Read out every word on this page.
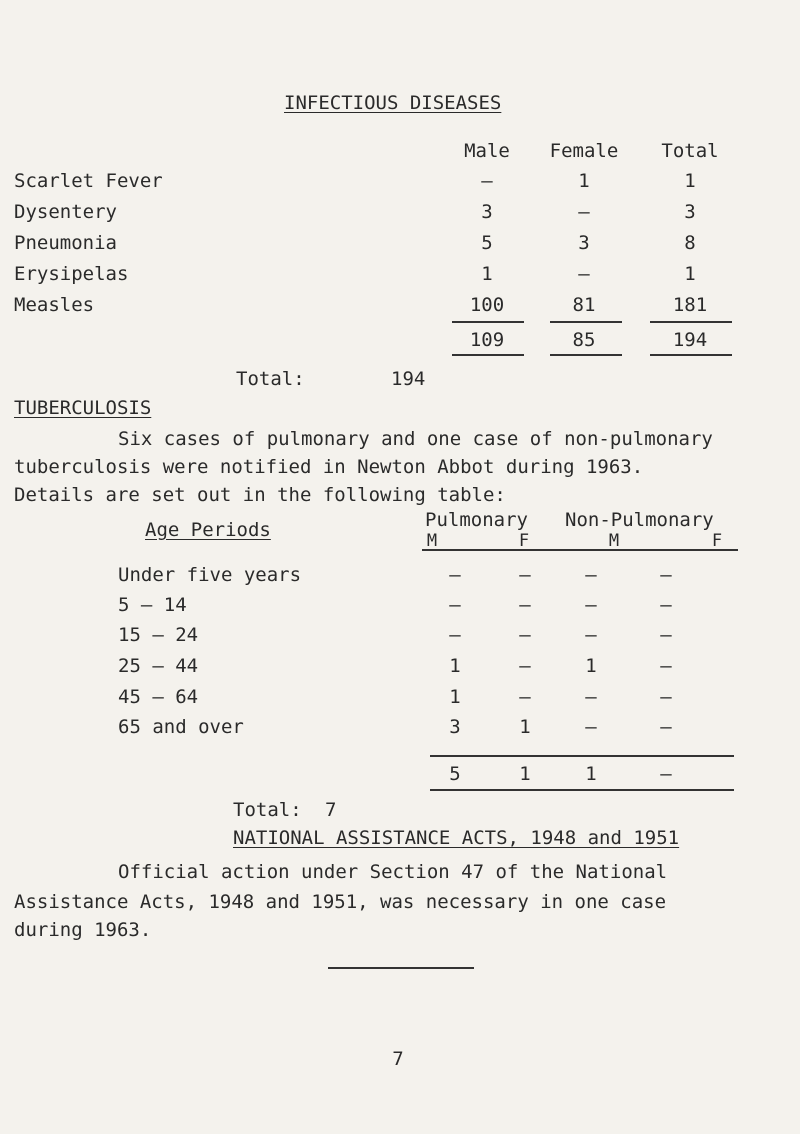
INFECTIOUS DISEASES
Male Female Total
Scarlet Fever	–	1	1
Dysentery	3	–	3
Pneumonia	5	3	8
Erysipelas	1	–	1
Measles	100	81	181
109	85	194
Total:	194
TUBERCULOSIS
Six cases of pulmonary and one case of non-pulmonary
tuberculosis were notified in Newton Abbot during 1963.
Details are set out in the following table:
Age Periods	Pulmonary Non-Pulmonary
M	F	M	F
Under five years	–	–	–	–
5 – 14	–	–	–	–
15 – 24	–	–	–	–
25 – 44	1	–	1	–
45 – 64	1	–	–	–
65 and over	3	1	–	–
5	1	1	–
Total: 7
NATIONAL ASSISTANCE ACTS, 1948 and 1951
Official action under Section 47 of the National
Assistance Acts, 1948 and 1951, was necessary in one case
during 1963.
7
